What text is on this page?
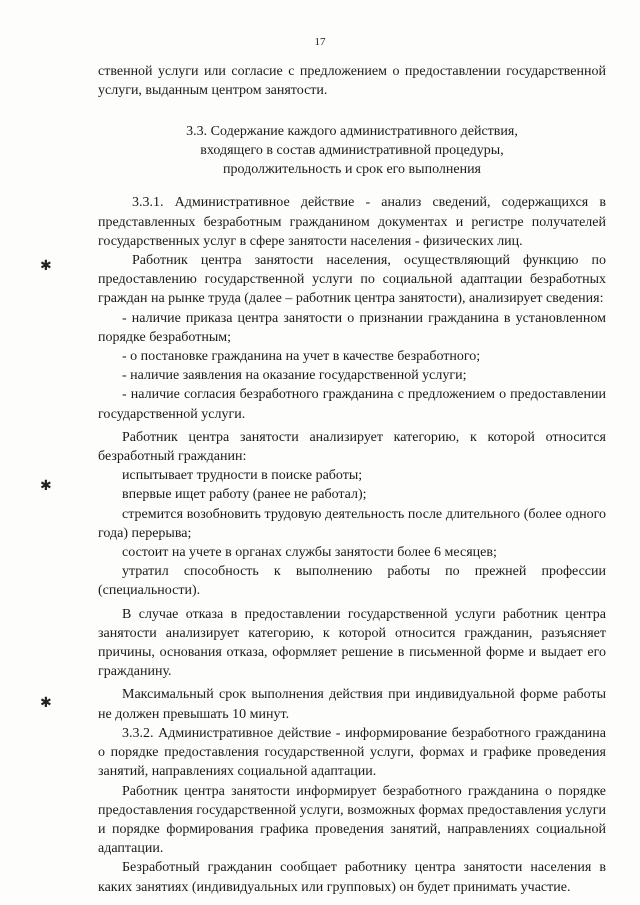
17
✱
✱
✱

ственной услуги или согласие с предложением о предоставлении государственной услуги, выданным центром занятости.

3.3. Содержание каждого административного действия,
входящего в состав административной процедуры,
продолжительность и срок его выполнения

3.3.1. Административное действие - анализ сведений, содержащихся в представленных безработным гражданином документах и регистре получателей государственных услуг в сфере занятости населения - физических лиц.

Работник центра занятости населения, осуществляющий функцию по предоставлению государственной услуги по социальной адаптации безработных граждан на рынке труда (далее – работник центра занятости), анализирует сведения:

- наличие приказа центра занятости о признании гражданина в установленном порядке безработным;

- о постановке гражданина на учет в качестве безработного;

- наличие заявления на оказание государственной услуги;

- наличие согласия безработного гражданина с предложением о предоставлении государственной услуги.

Работник центра занятости анализирует категорию, к которой относится безработный гражданин:

испытывает трудности в поиске работы;

впервые ищет работу (ранее не работал);

стремится возобновить трудовую деятельность после длительного (более одного года) перерыва;

состоит на учете в органах службы занятости более 6 месяцев;

утратил способность к выполнению работы по прежней профессии (специальности).

В случае отказа в предоставлении государственной услуги работник центра занятости анализирует категорию, к которой относится гражданин, разъясняет причины, основания отказа, оформляет решение в письменной форме и выдает его гражданину.

Максимальный срок выполнения действия при индивидуальной форме работы не должен превышать 10 минут.

3.3.2. Административное действие - информирование безработного гражданина о порядке предоставления государственной услуги, формах и графике проведения занятий, направлениях социальной адаптации.

Работник центра занятости информирует безработного гражданина о порядке предоставления государственной услуги, возможных формах предоставления услуги и порядке формирования графика проведения занятий, направлениях социальной адаптации.

Безработный гражданин сообщает работнику центра занятости населения в каких занятиях (индивидуальных или групповых) он будет принимать участие.
